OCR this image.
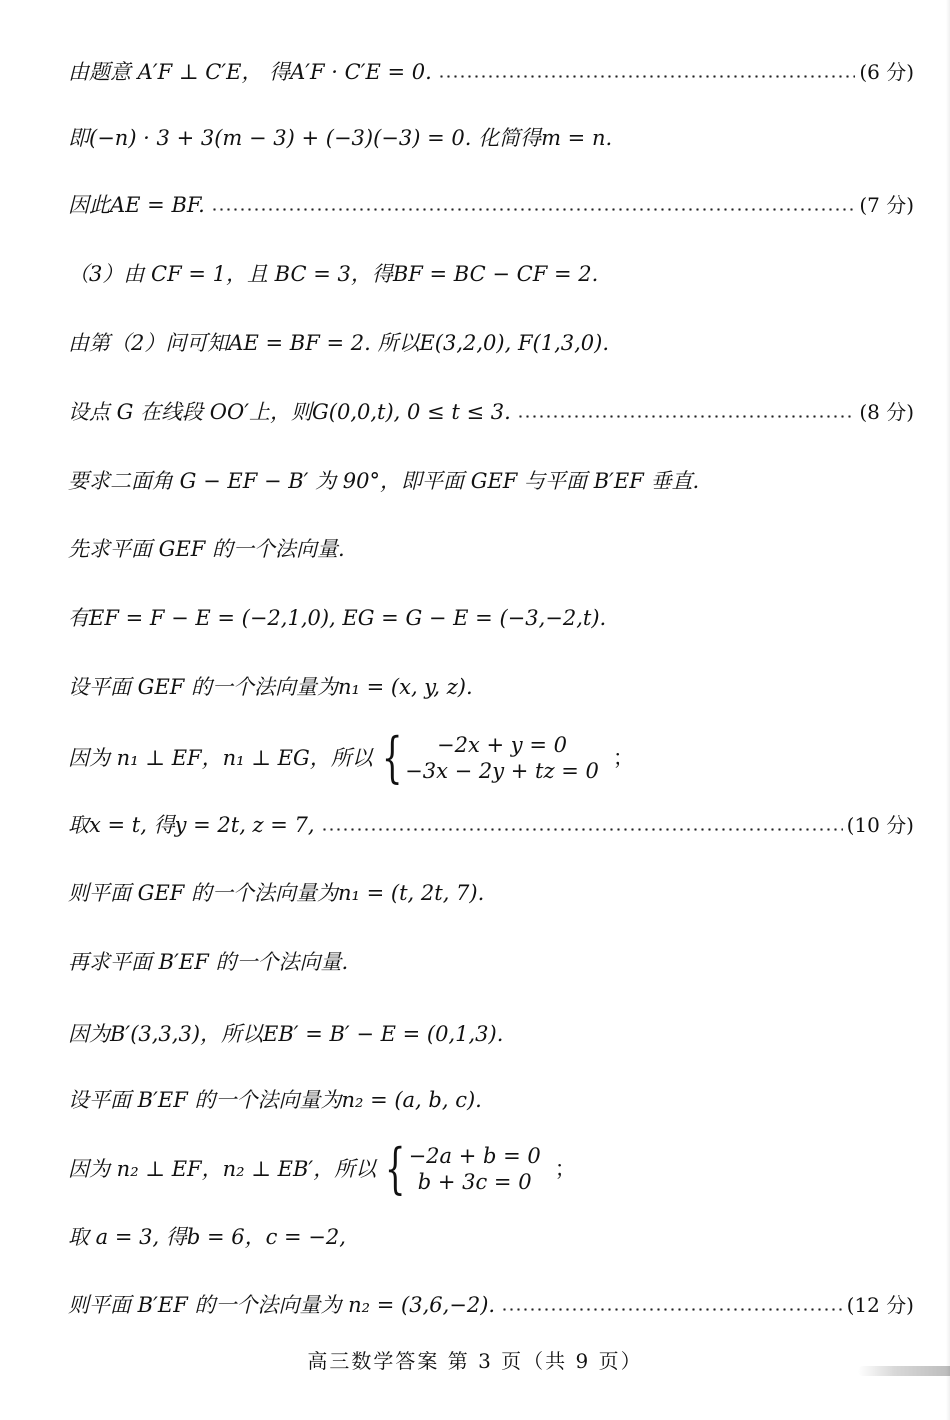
由题意 A′F ⊥ C′E， 得A′F · C′E = 0.	(6 分)
即(−n) · 3 + 3(m − 3) + (−3)(−3) = 0. 化简得m = n.
因此AE = BF.	(7 分)
（3）由 CF = 1，且 BC = 3，得BF = BC − CF = 2.
由第（2）问可知AE = BF = 2. 所以E(3,2,0), F(1,3,0).
设点 G 在线段 OO′上，则G(0,0,t), 0 ≤ t ≤ 3.	(8 分)
要求二面角 G − EF − B′ 为 90°，即平面 GEF 与平面 B′EF 垂直.
先求平面 GEF 的一个法向量.
有EF = F − E = (−2,1,0), EG = G − E = (−3,−2,t).
设平面 GEF 的一个法向量为n₁ = (x, y, z).
因为 n₁ ⊥ EF，n₁ ⊥ EG，所以 {	−2x + y = 0
−3x − 2y + tz = 0
；
取x = t, 得y = 2t, z = 7,	(10 分)
则平面 GEF 的一个法向量为n₁ = (t, 2t, 7).
再求平面 B′EF 的一个法向量.
因为B′(3,3,3)，所以EB′ = B′ − E = (0,1,3).
设平面 B′EF 的一个法向量为n₂ = (a, b, c).
因为 n₂ ⊥ EF，n₂ ⊥ EB′，所以 { −2a + b = 0
b + 3c = 0
；
取 a = 3, 得b = 6，c = −2,
则平面 B′EF 的一个法向量为 n₂ = (3,6,−2).	(12 分)
高三数学答案 第 3 页（共 9 页）
